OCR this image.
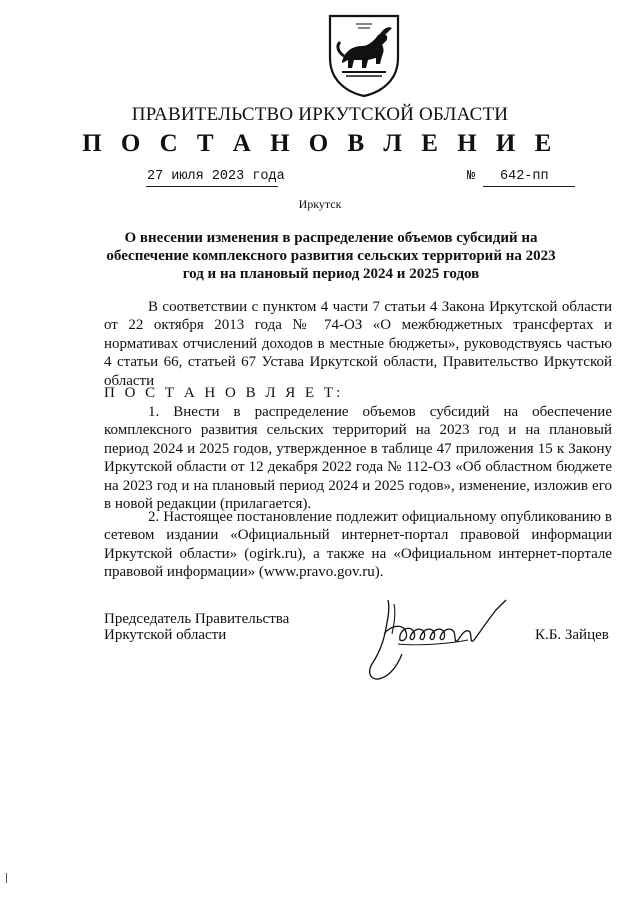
ПРАВИТЕЛЬСТВО ИРКУТСКОЙ ОБЛАСТИ
П О С Т А Н О В Л Е Н И Е
27 июля 2023 года	№ 642-пп
Иркутск
О внесении изменения в распределение объемов субсидий на обеспечение комплексного развития сельских территорий на 2023 год и на плановый период 2024 и 2025 годов

В соответствии с пунктом 4 части 7 статьи 4 Закона Иркутской области от 22 октября 2013 года № 74-ОЗ «О межбюджетных трансфертах и нормативах отчислений доходов в местные бюджеты», руководствуясь частью 4 статьи 66, статьей 67 Устава Иркутской области, Правительство Иркутской области

П О С Т А Н О В Л Я Е Т:

1. Внести в распределение объемов субсидий на обеспечение комплексного развития сельских территорий на 2023 год и на плановый период 2024 и 2025 годов, утвержденное в таблице 47 приложения 15 к Закону Иркутской области от 12 декабря 2022 года № 112-ОЗ «Об областном бюджете на 2023 год и на плановый период 2024 и 2025 годов», изменение, изложив его в новой редакции (прилагается).

2. Настоящее постановление подлежит официальному опубликованию в сетевом издании «Официальный интернет-портал правовой информации Иркутской области» (ogirk.ru), а также на «Официальном интернет-портале правовой информации» (www.pravo.gov.ru).

Председатель Правительства
Иркутской области	К.Б. Зайцев
